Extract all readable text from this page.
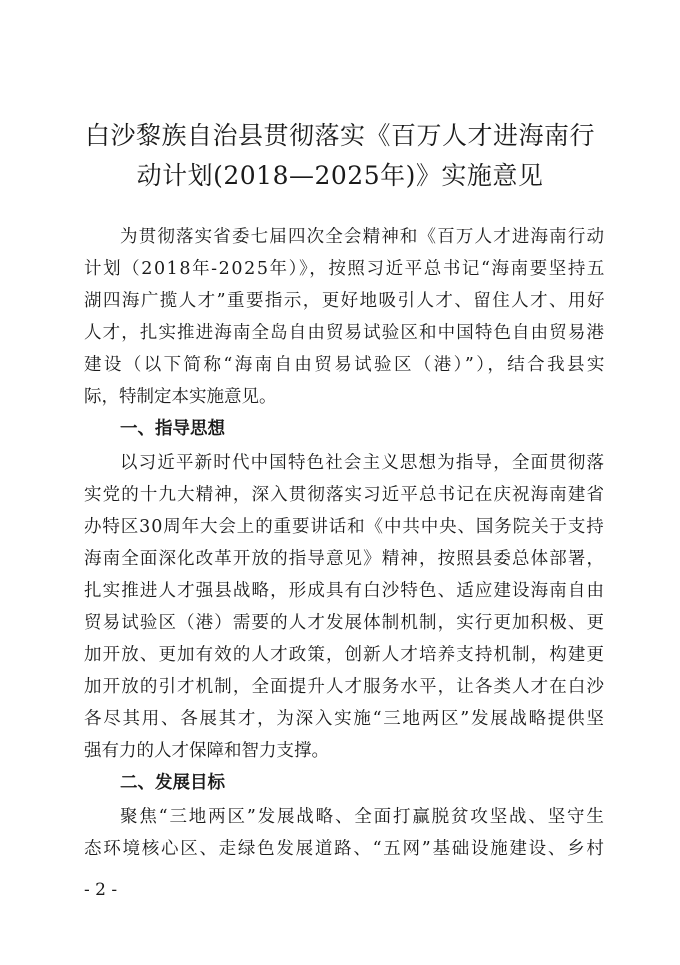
白沙黎族自治县贯彻落实《百万人才进海南行
动计划(2018—2025年)》实施意见
为贯彻落实省委七届四次全会精神和《百万人才进海南行动
计划（2018年-2025年）》，按照习近平总书记“海南要坚持五
湖四海广揽人才”重要指示，更好地吸引人才、留住人才、用好
人才，扎实推进海南全岛自由贸易试验区和中国特色自由贸易港
建设（以下简称“海南自由贸易试验区（港）”），结合我县实
际，特制定本实施意见。
一、指导思想
以习近平新时代中国特色社会主义思想为指导，全面贯彻落
实党的十九大精神，深入贯彻落实习近平总书记在庆祝海南建省
办特区30周年大会上的重要讲话和《中共中央、国务院关于支持
海南全面深化改革开放的指导意见》精神，按照县委总体部署，
扎实推进人才强县战略，形成具有白沙特色、适应建设海南自由
贸易试验区（港）需要的人才发展体制机制，实行更加积极、更
加开放、更加有效的人才政策，创新人才培养支持机制，构建更
加开放的引才机制，全面提升人才服务水平，让各类人才在白沙
各尽其用、各展其才，为深入实施“三地两区”发展战略提供坚
强有力的人才保障和智力支撑。
二、发展目标
聚焦“三地两区”发展战略、全面打赢脱贫攻坚战、坚守生
态环境核心区、走绿色发展道路、“五网”基础设施建设、乡村
- 2 -
